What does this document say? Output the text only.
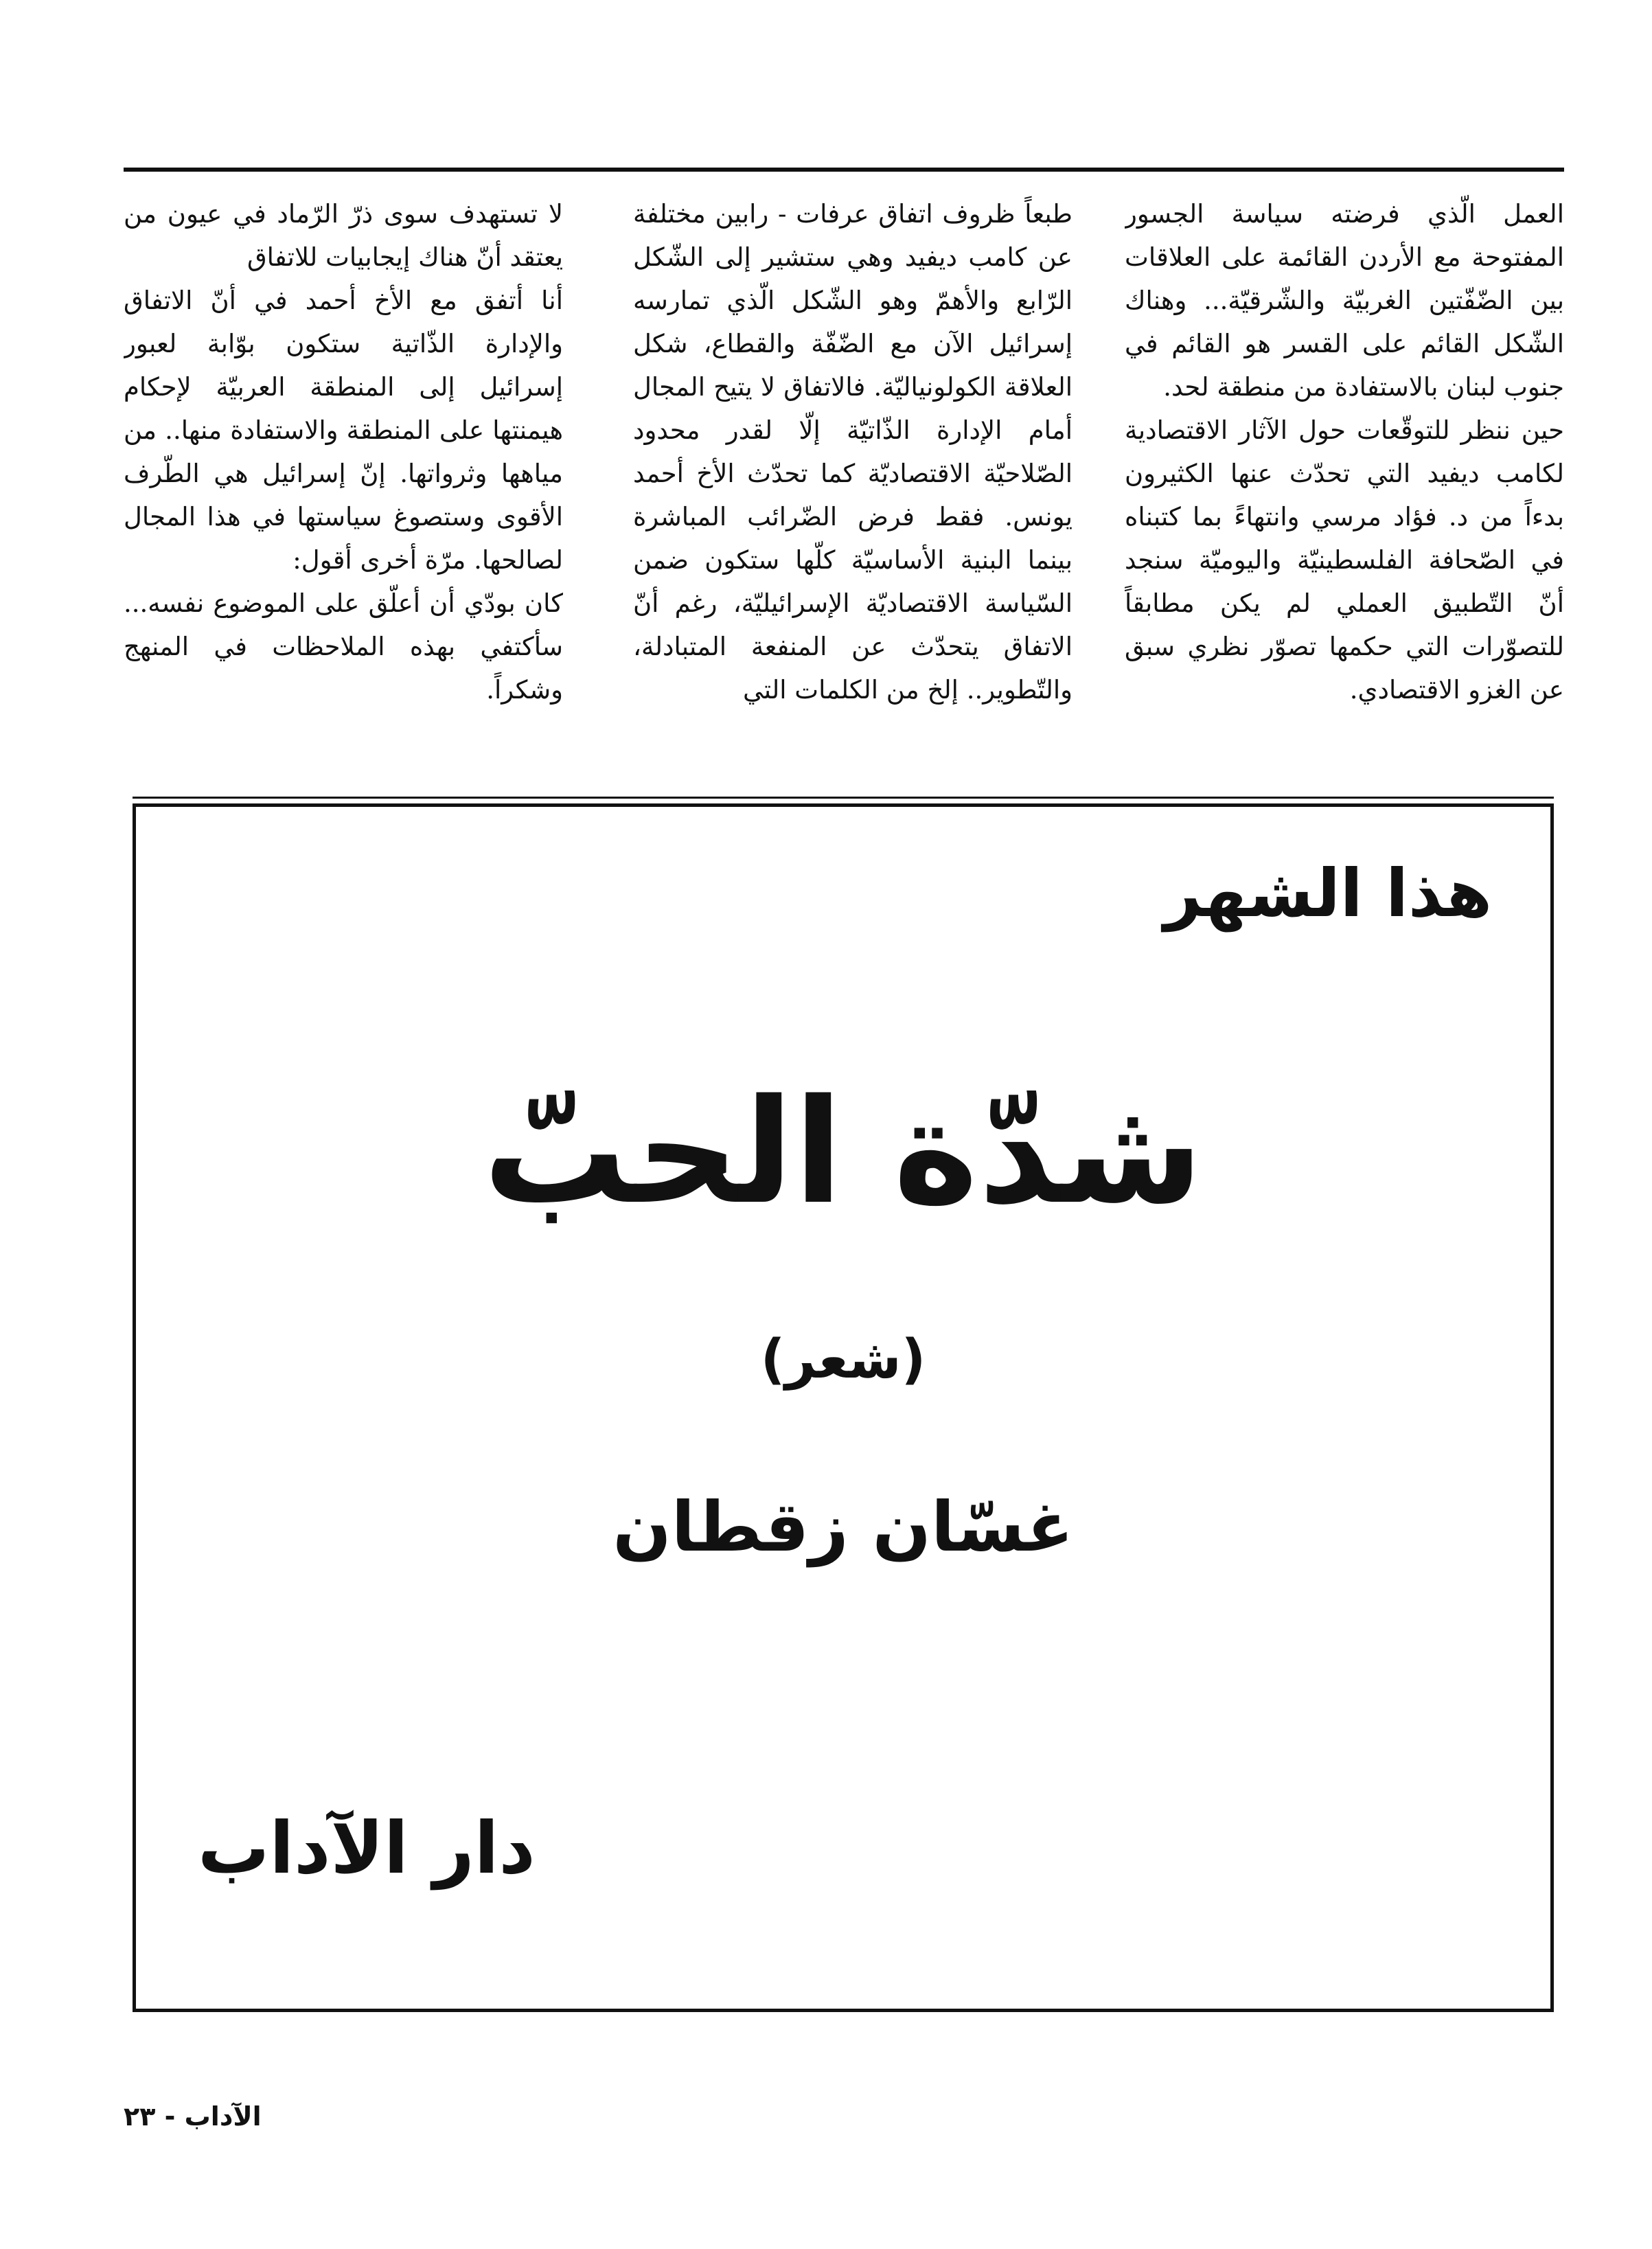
العمل الّذي فرضته سياسة الجسور المفتوحة مع الأردن القائمة على العلاقات بين الضّفّتين الغربيّة والشّرقيّة... وهناك الشّكل القائم على القسر هو القائم في جنوب لبنان بالاستفادة من منطقة لحد.

حين ننظر للتوقّعات حول الآثار الاقتصادية لكامب ديفيد التي تحدّث عنها الكثيرون بدءاً من د. فؤاد مرسي وانتهاءً بما كتبناه في الصّحافة الفلسطينيّة واليوميّة سنجد أنّ التّطبيق العملي لم يكن مطابقاً للتصوّرات التي حكمها تصوّر نظري سبق عن الغزو الاقتصادي.

طبعاً ظروف اتفاق عرفات - رابين مختلفة عن كامب ديفيد وهي ستشير إلى الشّكل الرّابع والأهمّ وهو الشّكل الّذي تمارسه إسرائيل الآن مع الضّفّة والقطاع، شكل العلاقة الكولونياليّة. فالاتفاق لا يتيح المجال أمام الإدارة الذّاتيّة إلّا لقدر محدود الصّلاحيّة الاقتصاديّة كما تحدّث الأخ أحمد يونس. فقط فرض الضّرائب المباشرة بينما البنية الأساسيّة كلّها ستكون ضمن السّياسة الاقتصاديّة الإسرائيليّة، رغم أنّ الاتفاق يتحدّث عن المنفعة المتبادلة، والتّطوير.. إلخ من الكلمات التي

لا تستهدف سوى ذرّ الرّماد في عيون من يعتقد أنّ هناك إيجابيات للاتفاق

أنا أتفق مع الأخ أحمد في أنّ الاتفاق والإدارة الذّاتية ستكون بوّابة لعبور إسرائيل إلى المنطقة العربيّة لإحكام هيمنتها على المنطقة والاستفادة منها.. من مياهها وثرواتها. إنّ إسرائيل هي الطّرف الأقوى وستصوغ سياستها في هذا المجال لصالحها. مرّة أخرى أقول:

كان بودّي أن أعلّق على الموضوع نفسه... سأكتفي بهذه الملاحظات في المنهج وشكراً.

هذا الشهر
شدّة الحبّ
(شعر)
غسّان زقطان
دار الآداب
الآداب - ٢٣
